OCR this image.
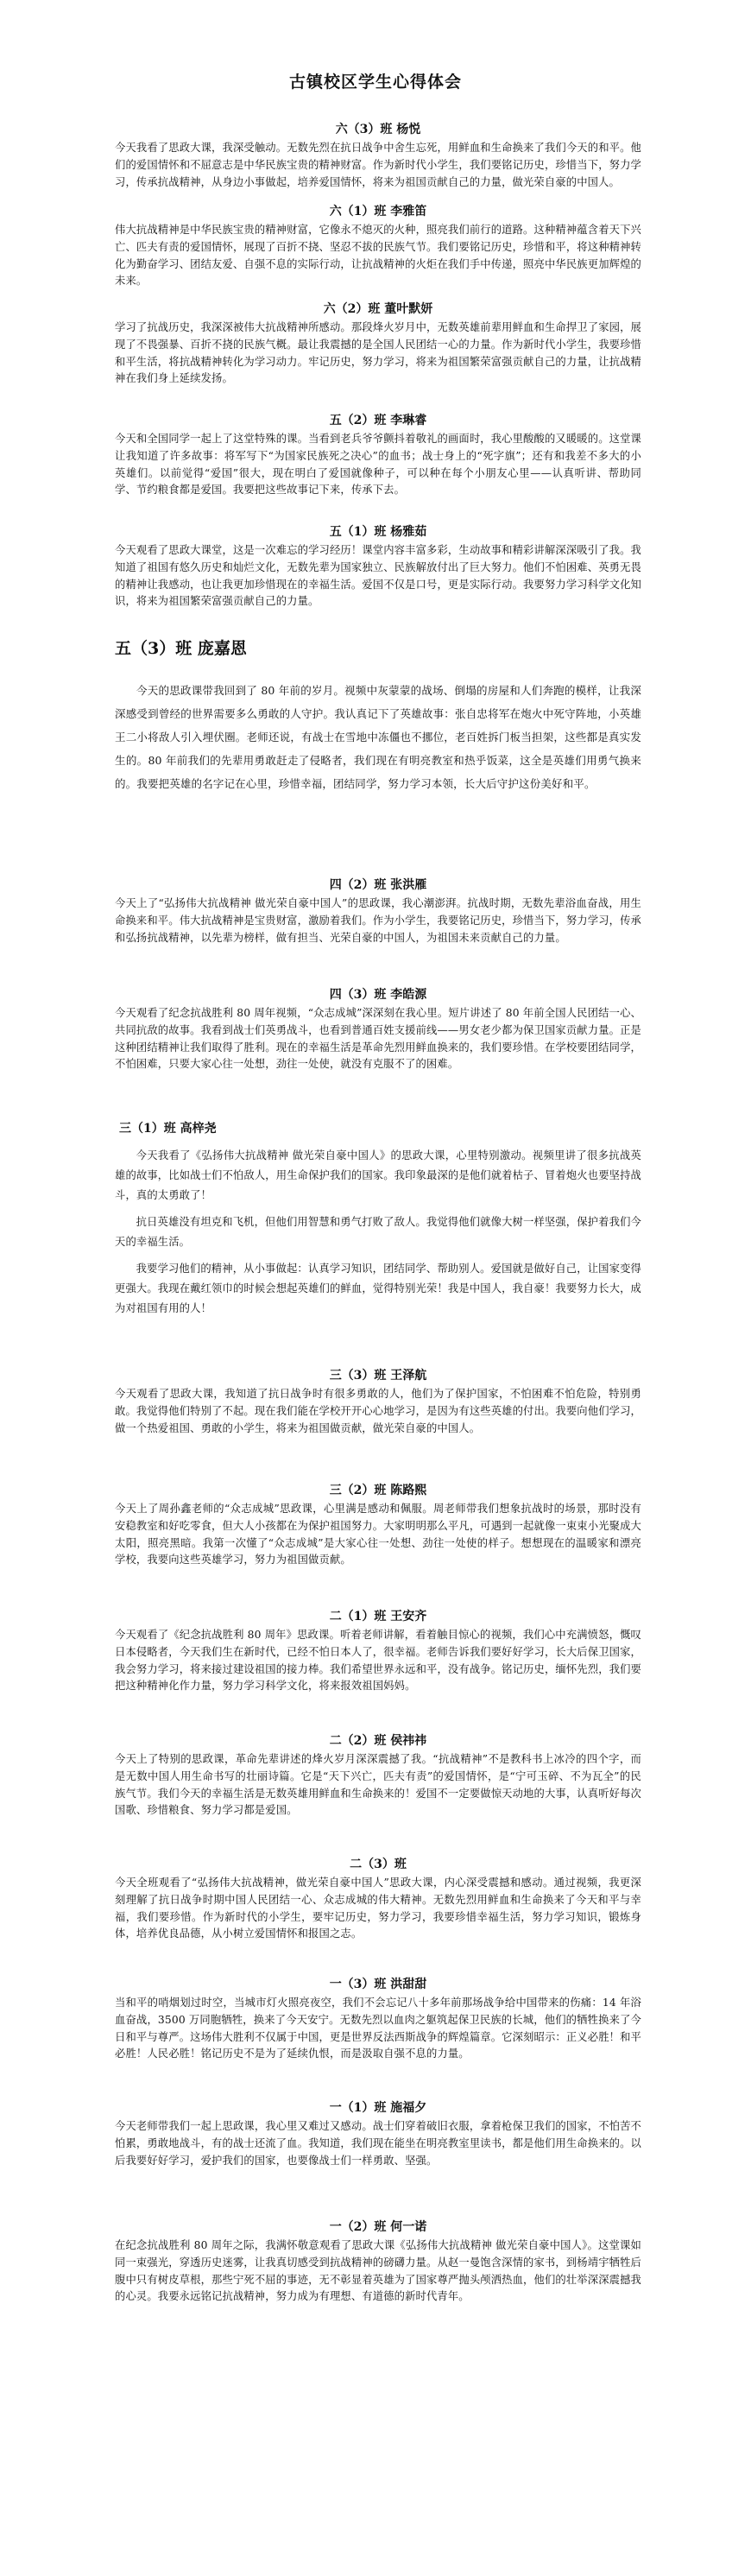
古镇校区学生心得体会
六（3）班 杨悦

今天我看了思政大课，我深受触动。无数先烈在抗日战争中舍生忘死，用鲜血和生命换来了我们今天的和平。他们的爱国情怀和不屈意志是中华民族宝贵的精神财富。作为新时代小学生，我们要铭记历史，珍惜当下，努力学习，传承抗战精神，从身边小事做起，培养爱国情怀，将来为祖国贡献自己的力量，做光荣自豪的中国人。

六（1）班 李雅笛

伟大抗战精神是中华民族宝贵的精神财富，它像永不熄灭的火种，照亮我们前行的道路。这种精神蕴含着天下兴亡、匹夫有责的爱国情怀，展现了百折不挠、坚忍不拔的民族气节。我们要铭记历史，珍惜和平，将这种精神转化为勤奋学习、团结友爱、自强不息的实际行动，让抗战精神的火炬在我们手中传递，照亮中华民族更加辉煌的未来。

六（2）班 董叶默妍

学习了抗战历史，我深深被伟大抗战精神所感动。那段烽火岁月中，无数英雄前辈用鲜血和生命捍卫了家园，展现了不畏强暴、百折不挠的民族气概。最让我震撼的是全国人民团结一心的力量。作为新时代小学生，我要珍惜和平生活，将抗战精神转化为学习动力。牢记历史，努力学习，将来为祖国繁荣富强贡献自己的力量，让抗战精神在我们身上延续发扬。

五（2）班 李琳睿

今天和全国同学一起上了这堂特殊的课。当看到老兵爷爷颤抖着敬礼的画面时，我心里酸酸的又暖暖的。这堂课让我知道了许多故事：将军写下“为国家民族死之决心”的血书；战士身上的“死字旗”；还有和我差不多大的小英雄们。以前觉得“爱国”很大，现在明白了爱国就像种子，可以种在每个小朋友心里——认真听讲、帮助同学、节约粮食都是爱国。我要把这些故事记下来，传承下去。

五（1）班 杨雅茹

今天观看了思政大课堂，这是一次难忘的学习经历！课堂内容丰富多彩，生动故事和精彩讲解深深吸引了我。我知道了祖国有悠久历史和灿烂文化，无数先辈为国家独立、民族解放付出了巨大努力。他们不怕困难、英勇无畏的精神让我感动，也让我更加珍惜现在的幸福生活。爱国不仅是口号，更是实际行动。我要努力学习科学文化知识，将来为祖国繁荣富强贡献自己的力量。

五（3）班 庞嘉恩

今天的思政课带我回到了 80 年前的岁月。视频中灰蒙蒙的战场、倒塌的房屋和人们奔跑的模样，让我深深感受到曾经的世界需要多么勇敢的人守护。我认真记下了英雄故事：张自忠将军在炮火中死守阵地，小英雄王二小将敌人引入埋伏圈。老师还说，有战士在雪地中冻僵也不挪位，老百姓拆门板当担架，这些都是真实发生的。80 年前我们的先辈用勇敢赶走了侵略者，我们现在有明亮教室和热乎饭菜，这全是英雄们用勇气换来的。我要把英雄的名字记在心里，珍惜幸福，团结同学，努力学习本领，长大后守护这份美好和平。

四（2）班 张洪雁

今天上了“弘扬伟大抗战精神 做光荣自豪中国人”的思政课，我心潮澎湃。抗战时期，无数先辈浴血奋战，用生命换来和平。伟大抗战精神是宝贵财富，激励着我们。作为小学生，我要铭记历史，珍惜当下，努力学习，传承和弘扬抗战精神，以先辈为榜样，做有担当、光荣自豪的中国人，为祖国未来贡献自己的力量。

四（3）班 李皓源

今天观看了纪念抗战胜利 80 周年视频，“众志成城”深深刻在我心里。短片讲述了 80 年前全国人民团结一心、共同抗敌的故事。我看到战士们英勇战斗，也看到普通百姓支援前线——男女老少都为保卫国家贡献力量。正是这种团结精神让我们取得了胜利。现在的幸福生活是革命先烈用鲜血换来的，我们要珍惜。在学校要团结同学，不怕困难，只要大家心往一处想，劲往一处使，就没有克服不了的困难。

三（1）班 高梓尧

今天我看了《弘扬伟大抗战精神 做光荣自豪中国人》的思政大课，心里特别激动。视频里讲了很多抗战英雄的故事，比如战士们不怕敌人，用生命保护我们的国家。我印象最深的是他们就着枯子、冒着炮火也要坚持战斗，真的太勇敢了！

抗日英雄没有坦克和飞机，但他们用智慧和勇气打败了敌人。我觉得他们就像大树一样坚强，保护着我们今天的幸福生活。

我要学习他们的精神，从小事做起：认真学习知识，团结同学、帮助别人。爱国就是做好自己，让国家变得更强大。我现在戴红领巾的时候会想起英雄们的鲜血，觉得特别光荣！我是中国人，我自豪！我要努力长大，成为对祖国有用的人！

三（3）班 王泽航

今天观看了思政大课，我知道了抗日战争时有很多勇敢的人，他们为了保护国家，不怕困难不怕危险，特别勇敢。我觉得他们特别了不起。现在我们能在学校开开心心地学习，是因为有这些英雄的付出。我要向他们学习，做一个热爱祖国、勇敢的小学生，将来为祖国做贡献，做光荣自豪的中国人。

三（2）班 陈路熙

今天上了周孙鑫老师的“众志成城”思政课，心里满是感动和佩服。周老师带我们想象抗战时的场景，那时没有安稳教室和好吃零食，但大人小孩都在为保护祖国努力。大家明明那么平凡，可遇到一起就像一束束小光聚成大太阳，照亮黑暗。我第一次懂了“众志成城”是大家心往一处想、劲往一处使的样子。想想现在的温暖家和漂亮学校，我要向这些英雄学习，努力为祖国做贡献。

二（1）班 王安齐

今天观看了《纪念抗战胜利 80 周年》思政课。听着老师讲解，看着触目惊心的视频，我们心中充满愤怒，慨叹日本侵略者，今天我们生在新时代，已经不怕日本人了，很幸福。老师告诉我们要好好学习，长大后保卫国家，我会努力学习，将来接过建设祖国的接力棒。我们希望世界永远和平，没有战争。铭记历史，缅怀先烈，我们要把这种精神化作力量，努力学习科学文化，将来报效祖国妈妈。

二（2）班 侯祎祎

今天上了特别的思政课，革命先辈讲述的烽火岁月深深震撼了我。“抗战精神”不是教科书上冰冷的四个字，而是无数中国人用生命书写的壮丽诗篇。它是“天下兴亡，匹夫有责”的爱国情怀，是“宁可玉碎、不为瓦全”的民族气节。我们今天的幸福生活是无数英雄用鲜血和生命换来的！爱国不一定要做惊天动地的大事，认真听好每次国歌、珍惜粮食、努力学习都是爱国。

二（3）班

今天全班观看了“弘扬伟大抗战精神，做光荣自豪中国人”思政大课，内心深受震撼和感动。通过视频，我更深刻理解了抗日战争时期中国人民团结一心、众志成城的伟大精神。无数先烈用鲜血和生命换来了今天和平与幸福，我们要珍惜。作为新时代的小学生，要牢记历史，努力学习，我要珍惜幸福生活，努力学习知识，锻炼身体，培养优良品德，从小树立爱国情怀和报国之志。

一（3）班 洪甜甜

当和平的哨烟划过时空，当城市灯火照亮夜空，我们不会忘记八十多年前那场战争给中国带来的伤痛：14 年浴血奋战，3500 万同胞牺牲，换来了今天安宁。无数先烈以血肉之躯筑起保卫民族的长城，他们的牺牲换来了今日和平与尊严。这场伟大胜利不仅属于中国，更是世界反法西斯战争的辉煌篇章。它深刻昭示：正义必胜！和平必胜！人民必胜！铭记历史不是为了延续仇恨，而是汲取自强不息的力量。

一（1）班 施福夕

今天老师带我们一起上思政课，我心里又难过又感动。战士们穿着破旧衣服，拿着枪保卫我们的国家，不怕苦不怕累，勇敢地战斗，有的战士还流了血。我知道，我们现在能坐在明亮教室里读书，都是他们用生命换来的。以后我要好好学习，爱护我们的国家，也要像战士们一样勇敢、坚强。

一（2）班 何一诺

在纪念抗战胜利 80 周年之际，我满怀敬意观看了思政大课《弘扬伟大抗战精神 做光荣自豪中国人》。这堂课如同一束强光，穿透历史迷雾，让我真切感受到抗战精神的磅礴力量。从赵一曼饱含深情的家书，到杨靖宇牺牲后腹中只有树皮草根，那些宁死不屈的事迹，无不彰显着英雄为了国家尊严抛头颅洒热血，他们的壮举深深震撼我的心灵。我要永远铭记抗战精神，努力成为有理想、有道德的新时代青年。
